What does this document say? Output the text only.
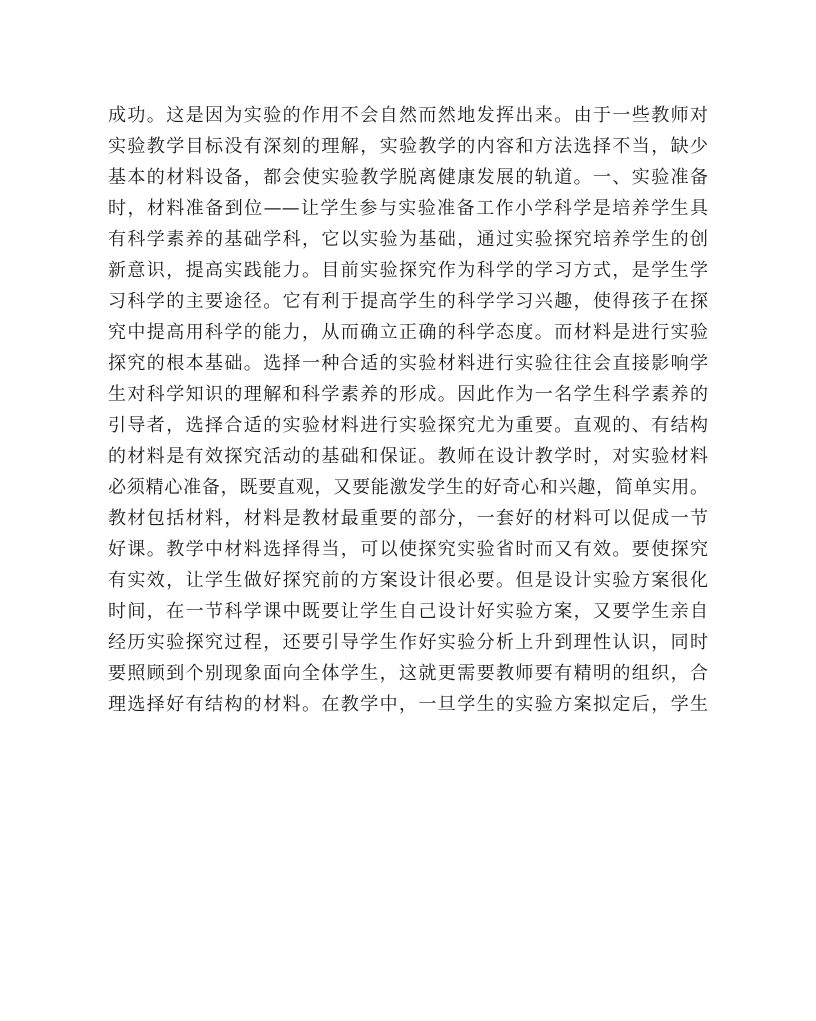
成功。这是因为实验的作用不会自然而然地发挥出来。由于一些教师对
实验教学目标没有深刻的理解，实验教学的内容和方法选择不当，缺少
基本的材料设备，都会使实验教学脱离健康发展的轨道。一、实验准备
时，材料准备到位——让学生参与实验准备工作小学科学是培养学生具
有科学素养的基础学科，它以实验为基础，通过实验探究培养学生的创
新意识，提高实践能力。目前实验探究作为科学的学习方式，是学生学
习科学的主要途径。它有利于提高学生的科学学习兴趣，使得孩子在探
究中提高用科学的能力，从而确立正确的科学态度。而材料是进行实验
探究的根本基础。选择一种合适的实验材料进行实验往往会直接影响学
生对科学知识的理解和科学素养的形成。因此作为一名学生科学素养的
引导者，选择合适的实验材料进行实验探究尤为重要。直观的、有结构
的材料是有效探究活动的基础和保证。教师在设计教学时，对实验材料
必须精心准备，既要直观，又要能激发学生的好奇心和兴趣，简单实用。
教材包括材料，材料是教材最重要的部分，一套好的材料可以促成一节
好课。教学中材料选择得当，可以使探究实验省时而又有效。要使探究
有实效，让学生做好探究前的方案设计很必要。但是设计实验方案很化
时间，在一节科学课中既要让学生自己设计好实验方案，又要学生亲自
经历实验探究过程，还要引导学生作好实验分析上升到理性认识，同时
要照顾到个别现象面向全体学生，这就更需要教师要有精明的组织，合
理选择好有结构的材料。在教学中，一旦学生的实验方案拟定后，学生
